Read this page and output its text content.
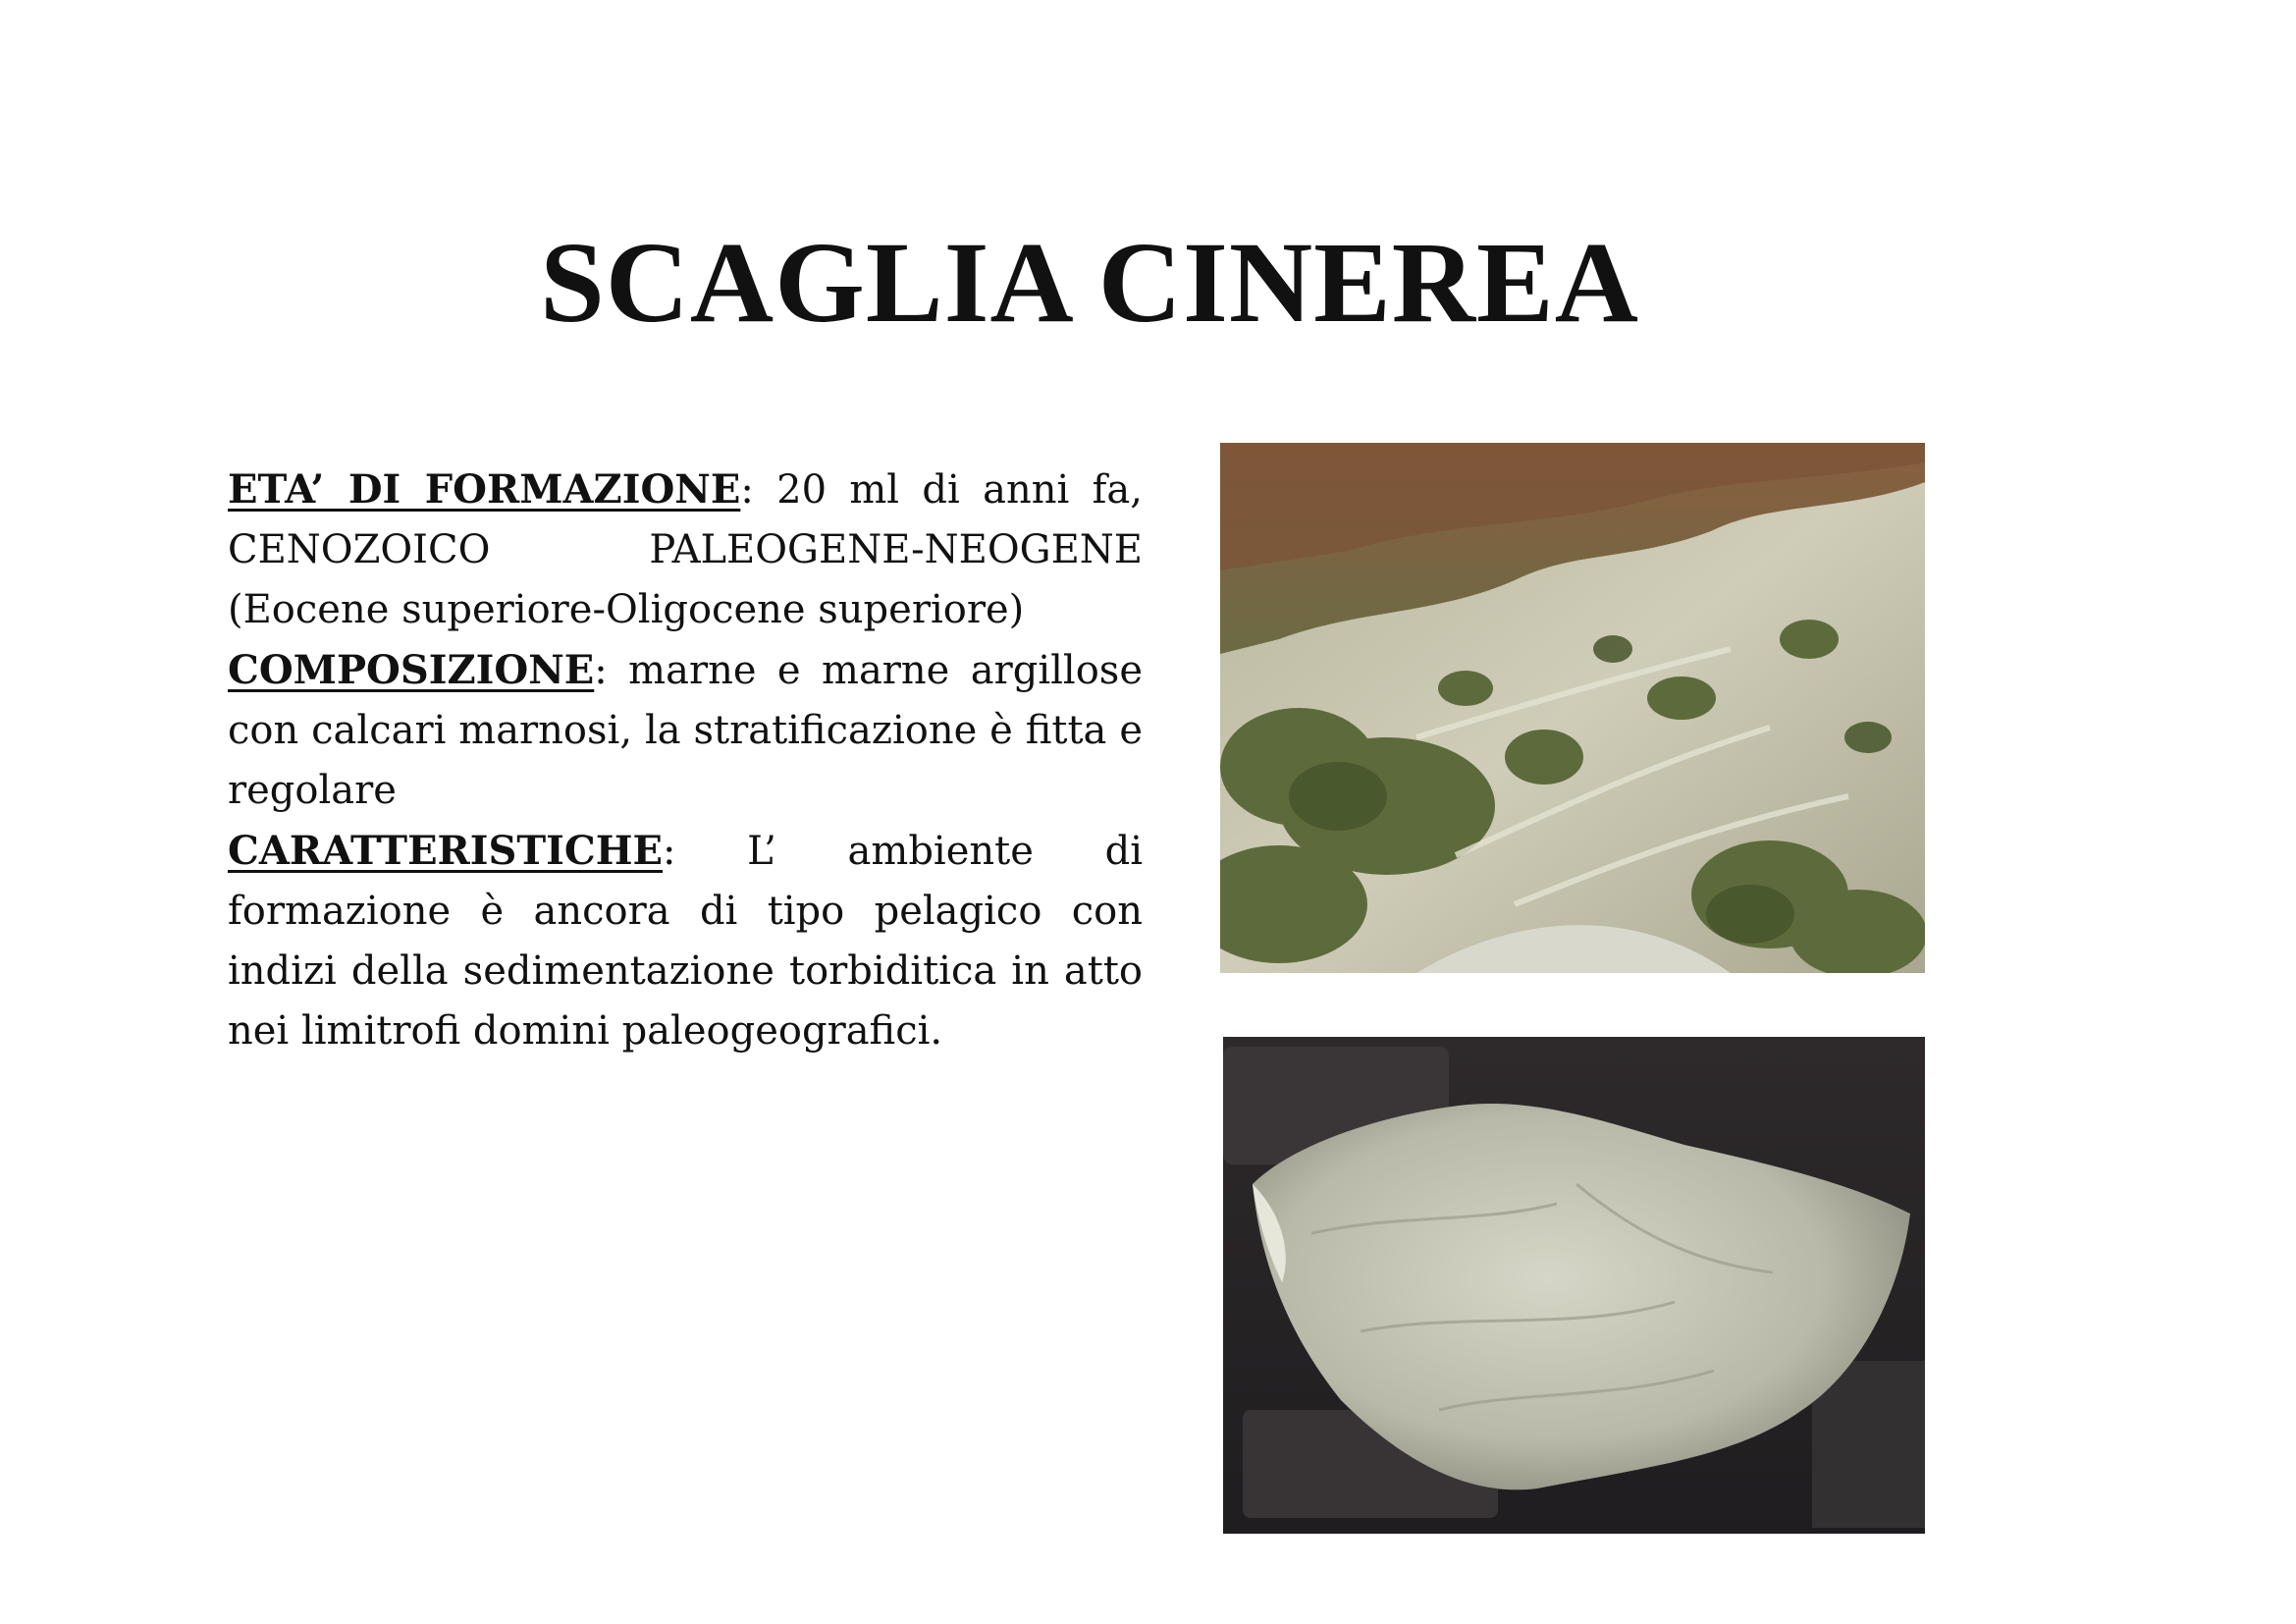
SCAGLIA CINEREA

ETA’ DI FORMAZIONE: 20 ml di anni fa, CENOZOICO PALEOGENE-NEOGENE (Eocene superiore-Oligocene superiore)

COMPOSIZIONE: marne e marne argillose con calcari marnosi, la stratificazione è fitta e regolare

CARATTERISTICHE: L’ ambiente di formazione è ancora di tipo pelagico con indizi della sedimentazione torbiditica in atto nei limitrofi domini paleogeografici.
